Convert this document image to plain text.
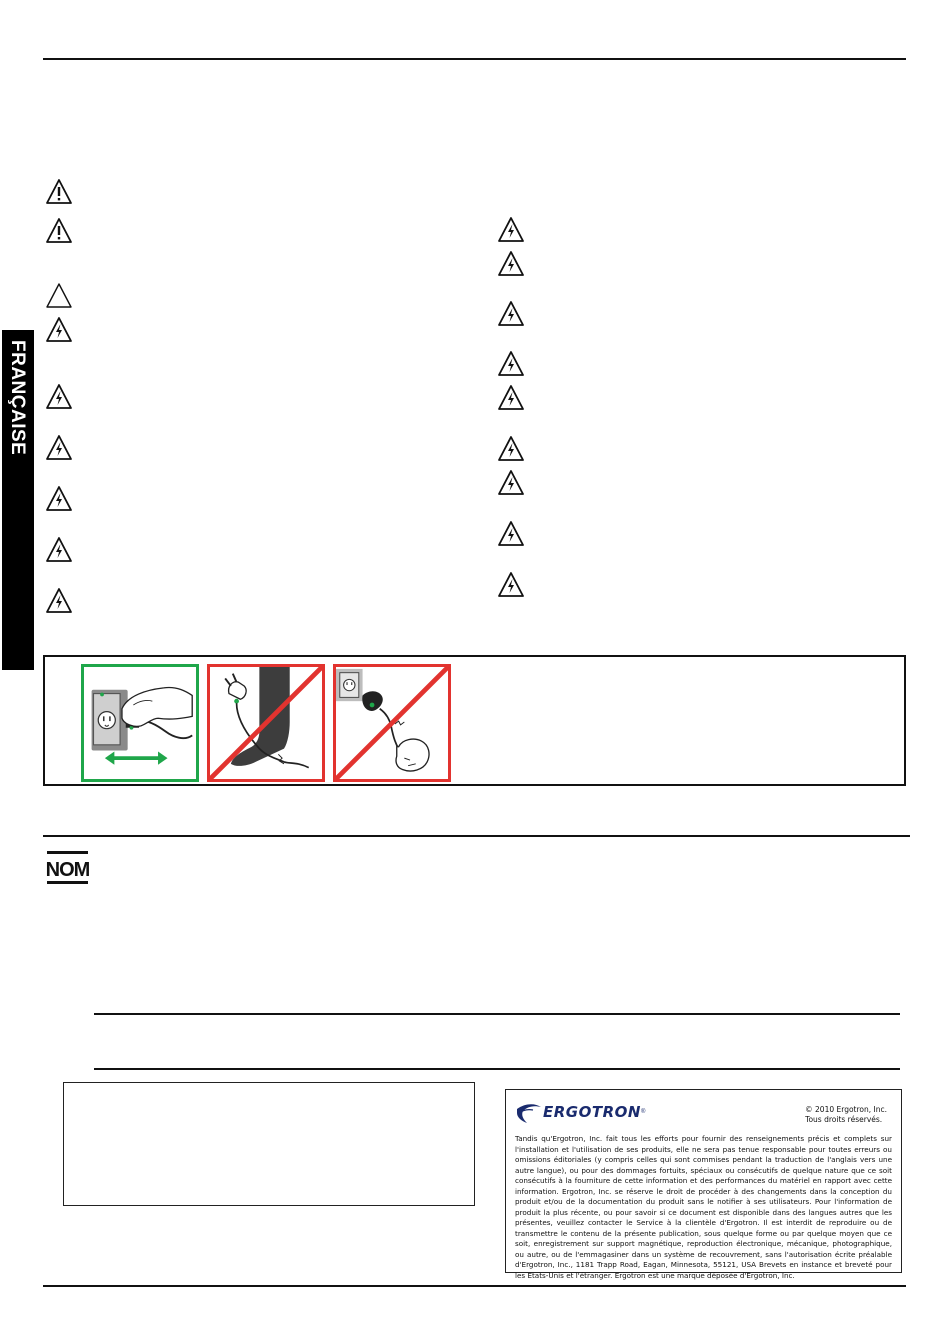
FRANÇAISE
NOM
ERGOTRON ®	© 2010 Ergotron, Inc.
Tous droits réservés.
Tandis qu'Ergotron, Inc. fait tous les efforts pour fournir des renseignements précis et complets sur l'installation et l'utilisation de ses produits, elle ne sera pas tenue responsable pour toutes erreurs ou omissions éditoriales (y compris celles qui sont commises pendant la traduction de l'anglais vers une autre langue), ou pour des dommages fortuits, spéciaux ou consécutifs de quelque nature que ce soit consécutifs à la fourniture de cette information et des performances du matériel en rapport avec cette information. Ergotron, Inc. se réserve le droit de procéder à des changements dans la conception du produit et/ou de la documentation du produit sans le notifier à ses utilisateurs. Pour l'information de produit la plus récente, ou pour savoir si ce document est disponible dans des langues autres que les présentes, veuillez contacter le Service à la clientèle d'Ergotron. Il est interdit de reproduire ou de transmettre le contenu de la présente publication, sous quelque forme ou par quelque moyen que ce soit, enregistrement sur support magnétique, reproduction électronique, mécanique, photographique, ou autre, ou de l'emmagasiner dans un système de recouvrement, sans l'autorisation écrite préalable d'Ergotron, Inc., 1181 Trapp Road, Eagan, Minnesota, 55121, USA Brevets en instance et breveté pour les Etats-Unis et l'étranger. Ergotron est une marque déposée d'Ergotron, Inc.
